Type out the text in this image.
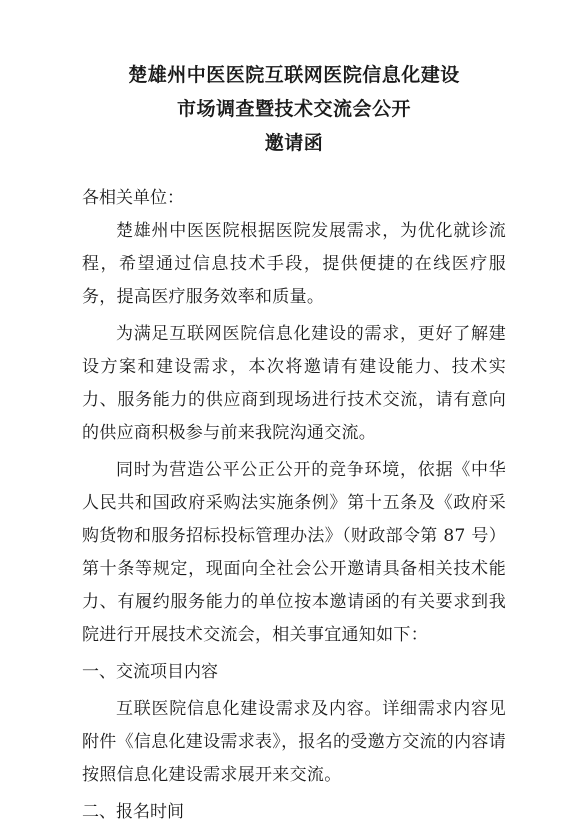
楚雄州中医医院互联网医院信息化建设
市场调查暨技术交流会公开
邀请函
各相关单位：

楚雄州中医医院根据医院发展需求，为优化就诊流程，希望通过信息技术手段，提供便捷的在线医疗服务，提高医疗服务效率和质量。

为满足互联网医院信息化建设的需求，更好了解建设方案和建设需求，本次将邀请有建设能力、技术实力、服务能力的供应商到现场进行技术交流，请有意向的供应商积极参与前来我院沟通交流。

同时为营造公平公正公开的竞争环境，依据《中华人民共和国政府采购法实施条例》第十五条及《政府采购货物和服务招标投标管理办法》（财政部令第 87 号）第十条等规定，现面向全社会公开邀请具备相关技术能力、有履约服务能力的单位按本邀请函的有关要求到我院进行开展技术交流会，相关事宜通知如下：

一、交流项目内容

互联医院信息化建设需求及内容。详细需求内容见附件《信息化建设需求表》，报名的受邀方交流的内容请按照信息化建设需求展开来交流。

二、报名时间
